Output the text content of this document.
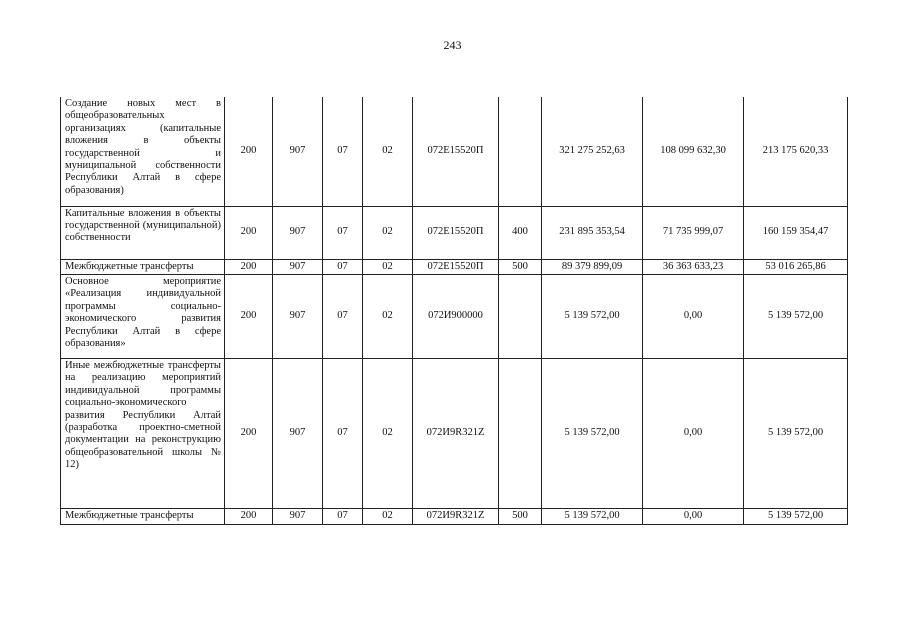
243
Создание новых мест в общеобразовательных организациях (капитальные вложения в объекты государственной и муниципальной собственности Республики Алтай в сфере образования)	200	907	07	02	072E15520П		321 275 252,63	108 099 632,30	213 175 620,33
Капитальные вложения в объекты государственной (муниципальной) собственности	200	907	07	02	072E15520П	400	231 895 353,54	71 735 999,07	160 159 354,47
Межбюджетные трансферты	200	907	07	02	072E15520П	500	89 379 899,09	36 363 633,23	53 016 265,86
Основное мероприятие «Реализация индивидуальной программы социально-экономического развития Республики Алтай в сфере образования»	200	907	07	02	072И900000		5 139 572,00	0,00	5 139 572,00
Иные межбюджетные трансферты на реализацию мероприятий индивидуальной программы социально-экономического развития Республики Алтай (разработка проектно-сметной документации на реконструкцию общеобразовательной школы № 12)	200	907	07	02	072И9R321Z		5 139 572,00	0,00	5 139 572,00
Межбюджетные трансферты	200	907	07	02	072И9R321Z	500	5 139 572,00	0,00	5 139 572,00
